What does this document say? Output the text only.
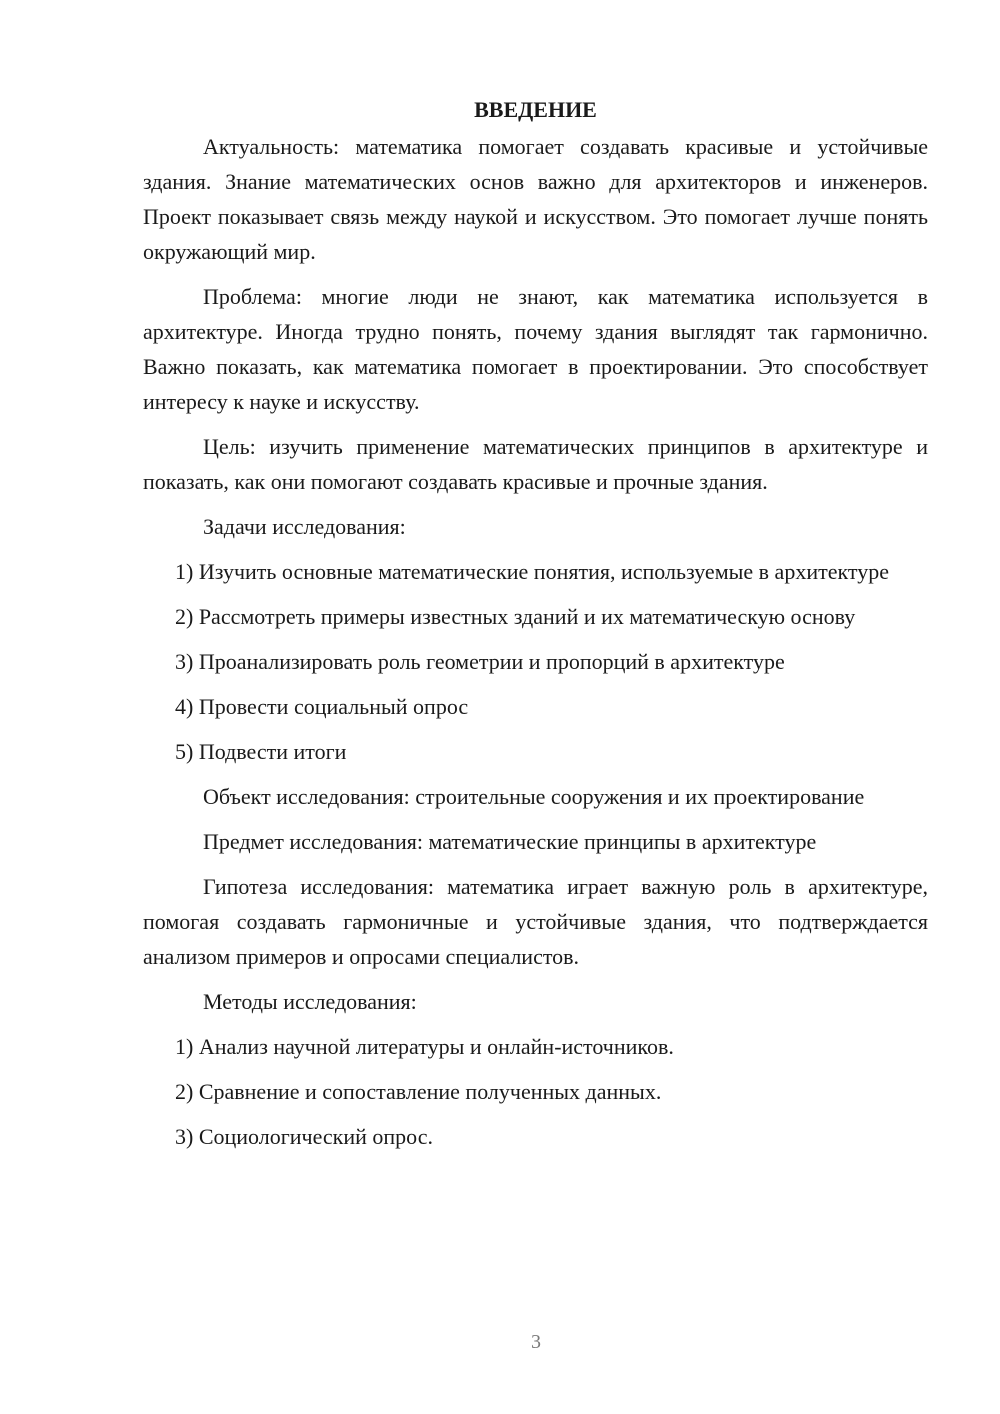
ВВЕДЕНИЕ

Актуальность: математика помогает создавать красивые и устойчивые здания. Знание математических основ важно для архитекторов и инженеров. Проект показывает связь между наукой и искусством. Это помогает лучше понять окружающий мир.

Проблема: многие люди не знают, как математика используется в архитектуре. Иногда трудно понять, почему здания выглядят так гармонично. Важно показать, как математика помогает в проектировании. Это способствует интересу к науке и искусству.

Цель: изучить применение математических принципов в архитектуре и показать, как они помогают создавать красивые и прочные здания.

Задачи исследования:

1) Изучить основные математические понятия, используемые в архитектуре

2) Рассмотреть примеры известных зданий и их математическую основу

3) Проанализировать роль геометрии и пропорций в архитектуре

4) Провести социальный опрос

5) Подвести итоги

Объект исследования: строительные сооружения и их проектирование

Предмет исследования: математические принципы в архитектуре

Гипотеза исследования: математика играет важную роль в архитектуре, помогая создавать гармоничные и устойчивые здания, что подтверждается анализом примеров и опросами специалистов.

Методы исследования:

1) Анализ научной литературы и онлайн-источников.

2) Сравнение и сопоставление полученных данных.

3) Социологический опрос.

3
